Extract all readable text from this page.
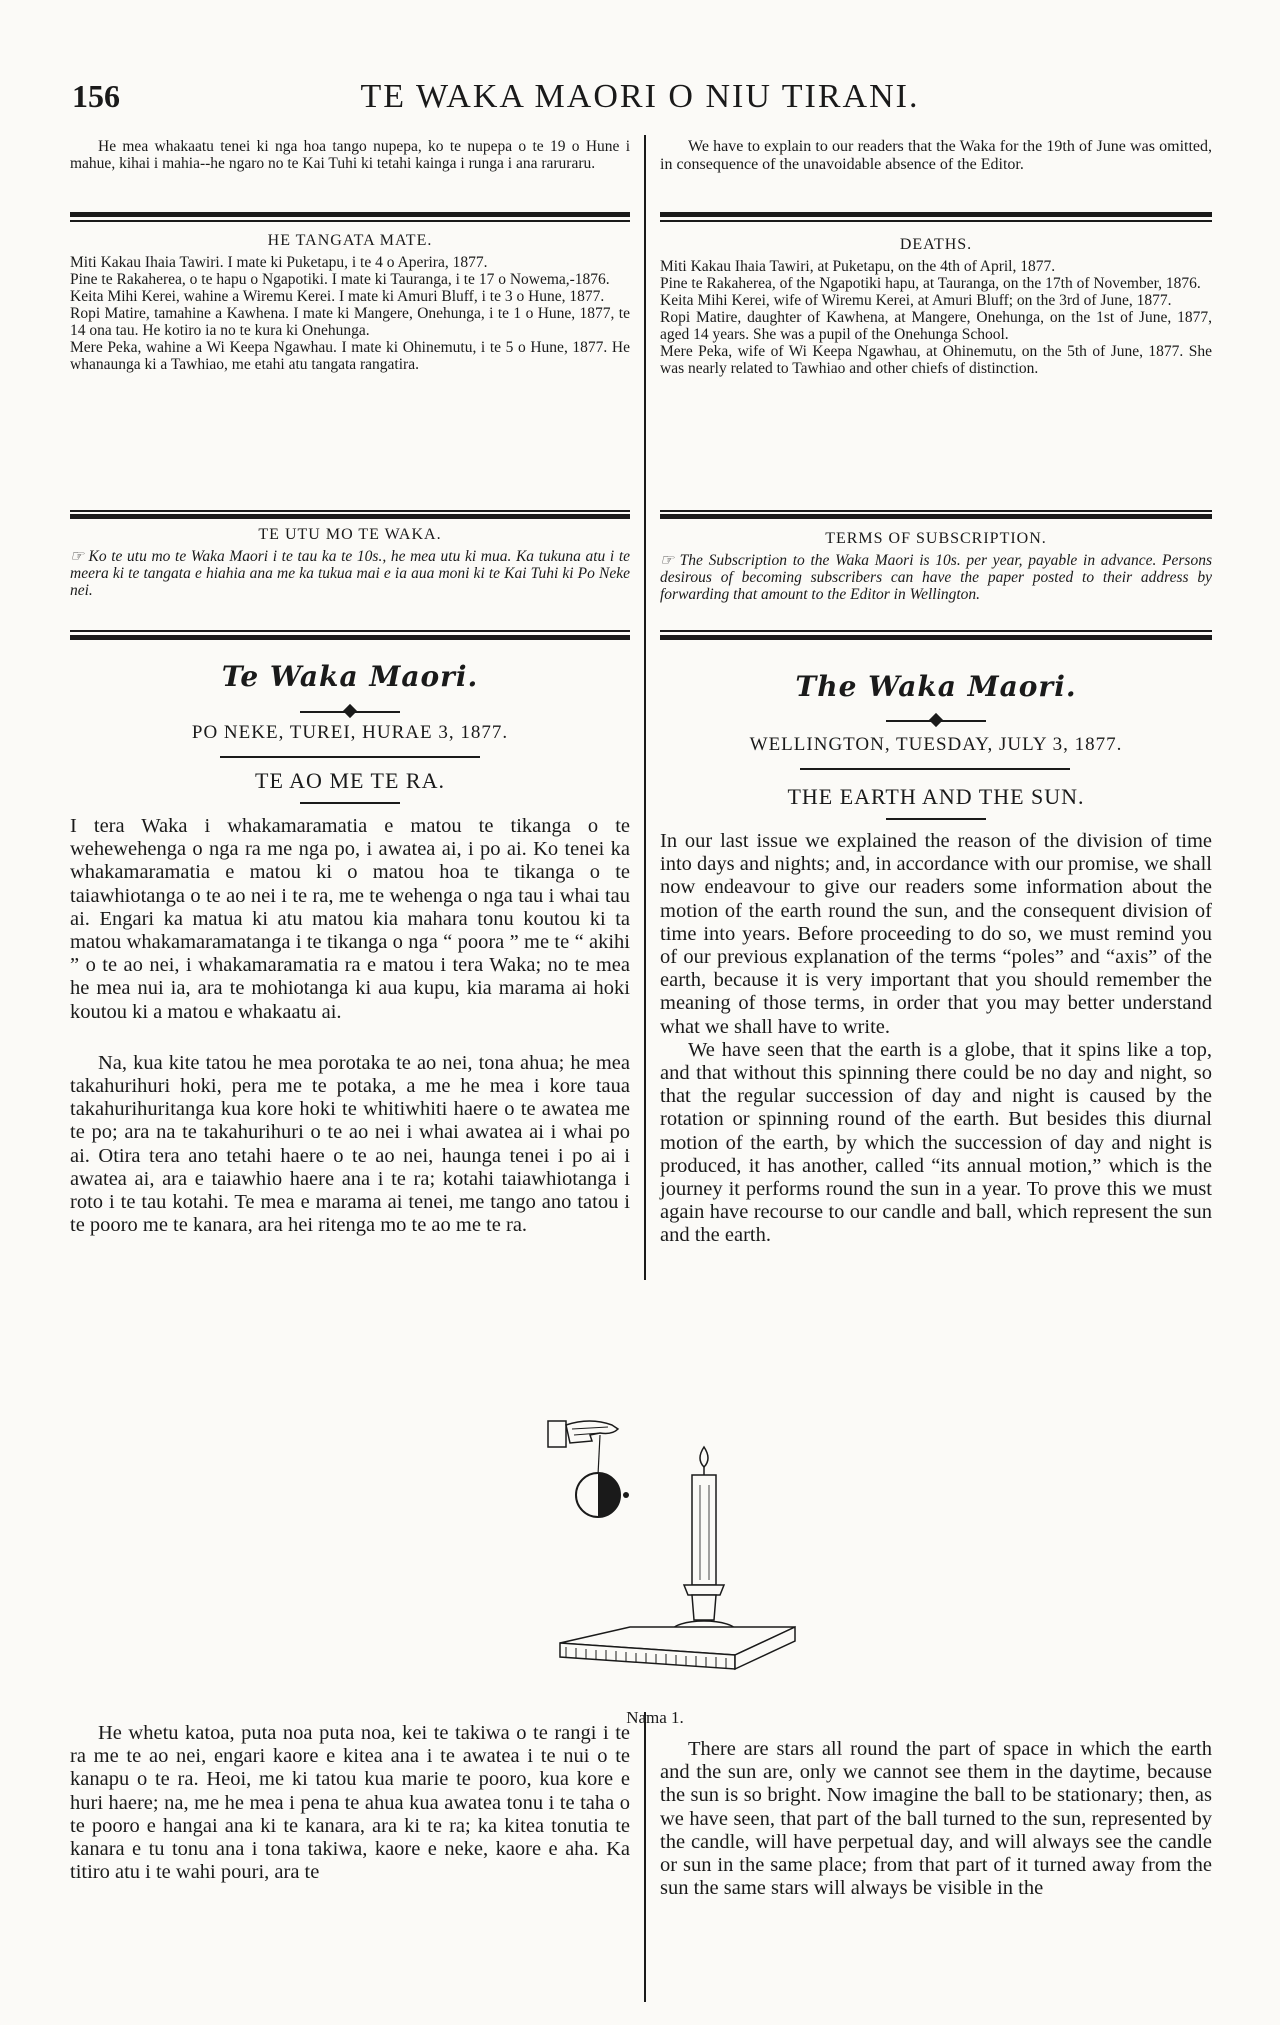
156	TE WAKA MAORI O NIU TIRANI.

He mea whakaatu tenei ki nga hoa tango nupepa, ko te nupepa o te 19 o Hune i mahue, kihai i mahia--he ngaro no te Kai Tuhi ki tetahi kainga i runga i ana raruraru.

HE TANGATA MATE.

Miti Kakau Ihaia Tawiri. I mate ki Puketapu, i te 4 o Aperira, 1877.

Pine te Rakaherea, o te hapu o Ngapotiki. I mate ki Tauranga, i te 17 o Nowema,-1876.

Keita Mihi Kerei, wahine a Wiremu Kerei. I mate ki Amuri Bluff, i te 3 o Hune, 1877.

Ropi Matire, tamahine a Kawhena. I mate ki Mangere, Onehunga, i te 1 o Hune, 1877, te 14 ona tau. He kotiro ia no te kura ki Onehunga.

Mere Peka, wahine a Wi Keepa Ngawhau. I mate ki Ohinemutu, i te 5 o Hune, 1877. He whanaunga ki a Tawhiao, me etahi atu tangata rangatira.

TE UTU MO TE WAKA.

☞ Ko te utu mo te Waka Maori i te tau ka te 10s., he mea utu ki mua. Ka tukuna atu i te meera ki te tangata e hiahia ana me ka tukua mai e ia aua moni ki te Kai Tuhi ki Po Neke nei.

Te Waka Maori.
PO NEKE, TUREI, HURAE 3, 1877.
TE AO ME TE RA.

I tera Waka i whakamaramatia e matou te tikanga o te wehewehenga o nga ra me nga po, i awatea ai, i po ai. Ko tenei ka whakamaramatia e matou ki o matou hoa te tikanga o te taiawhiotanga o te ao nei i te ra, me te wehenga o nga tau i whai tau ai. Engari ka matua ki atu matou kia mahara tonu koutou ki ta matou whakamaramatanga i te tikanga o nga “ poora ” me te “ akihi ” o te ao nei, i whakamaramatia ra e matou i tera Waka; no te mea he mea nui ia, ara te mohiotanga ki aua kupu, kia marama ai hoki koutou ki a matou e whakaatu ai.

Na, kua kite tatou he mea porotaka te ao nei, tona ahua; he mea takahurihuri hoki, pera me te potaka, a me he mea i kore taua takahurihuritanga kua kore hoki te whitiwhiti haere o te awatea me te po; ara na te takahurihuri o te ao nei i whai awatea ai i whai po ai. Otira tera ano tetahi haere o te ao nei, haunga tenei i po ai i awatea ai, ara e taiawhio haere ana i te ra; kotahi taiawhiotanga i roto i te tau kotahi. Te mea e marama ai tenei, me tango ano tatou i te pooro me te kanara, ara hei ritenga mo te ao me te ra.

We have to explain to our readers that the Waka for the 19th of June was omitted, in consequence of the unavoidable absence of the Editor.

DEATHS.

Miti Kakau Ihaia Tawiri, at Puketapu, on the 4th of April, 1877.

Pine te Rakaherea, of the Ngapotiki hapu, at Tauranga, on the 17th of November, 1876.

Keita Mihi Kerei, wife of Wiremu Kerei, at Amuri Bluff; on the 3rd of June, 1877.

Ropi Matire, daughter of Kawhena, at Mangere, Onehunga, on the 1st of June, 1877, aged 14 years. She was a pupil of the Onehunga School.

Mere Peka, wife of Wi Keepa Ngawhau, at Ohinemutu, on the 5th of June, 1877. She was nearly related to Tawhiao and other chiefs of distinction.

TERMS OF SUBSCRIPTION.

☞ The Subscription to the Waka Maori is 10s. per year, payable in advance. Persons desirous of becoming subscribers can have the paper posted to their address by forwarding that amount to the Editor in Wellington.

The Waka Maori.
WELLINGTON, TUESDAY, JULY 3, 1877.
THE EARTH AND THE SUN.

In our last issue we explained the reason of the division of time into days and nights; and, in accordance with our promise, we shall now endeavour to give our readers some information about the motion of the earth round the sun, and the consequent division of time into years. Before proceeding to do so, we must remind you of our previous explanation of the terms “poles” and “axis” of the earth, because it is very important that you should remember the meaning of those terms, in order that you may better understand what we shall have to write.

We have seen that the earth is a globe, that it spins like a top, and that without this spinning there could be no day and night, so that the regular succession of day and night is caused by the rotation or spinning round of the earth. But besides this diurnal motion of the earth, by which the succession of day and night is produced, it has another, called “its annual motion,” which is the journey it performs round the sun in a year. To prove this we must again have recourse to our candle and ball, which represent the sun and the earth.

Nama 1.

He whetu katoa, puta noa puta noa, kei te takiwa o te rangi i te ra me te ao nei, engari kaore e kitea ana i te awatea i te nui o te kanapu o te ra. Heoi, me ki tatou kua marie te pooro, kua kore e huri haere; na, me he mea i pena te ahua kua awatea tonu i te taha o te pooro e hangai ana ki te kanara, ara ki te ra; ka kitea tonutia te kanara e tu tonu ana i tona takiwa, kaore e neke, kaore e aha. Ka titiro atu i te wahi pouri, ara te

There are stars all round the part of space in which the earth and the sun are, only we cannot see them in the daytime, because the sun is so bright. Now imagine the ball to be stationary; then, as we have seen, that part of the ball turned to the sun, represented by the candle, will have perpetual day, and will always see the candle or sun in the same place; from that part of it turned away from the sun the same stars will always be visible in the
